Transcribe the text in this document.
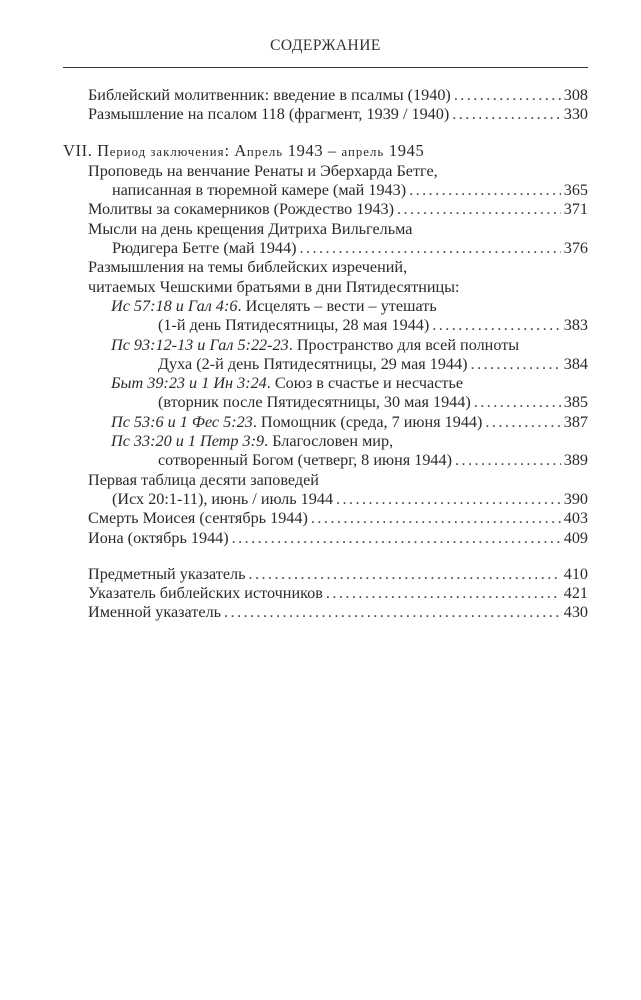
СОДЕРЖАНИЕ
Библейский молитвенник: введение в псалмы (1940) . . .	308
Размышление на псалом 118 (фрагмент, 1939 / 1940) . . .	330
VII. Период заключения: Апрель 1943 – апрель 1945
Проповедь на венчание Ренаты и Эберхарда Бетге,
написанная в тюремной камере (май 1943) . . .	365
Молитвы за сокамерников (Рождество 1943) . . .	371
Мысли на день крещения Дитриха Вильгельма
Рюдигера Бетге (май 1944) . . .	376
Размышления на темы библейских изречений,
читаемых Чешскими братьями в дни Пятидесятницы:
Ис 57:18 и Гал 4:6. Исцелять – вести – утешать
(1-й день Пятидесятницы, 28 мая 1944) . . .	383
Пс 93:12-13 и Гал 5:22-23. Пространство для всей полноты
Духа (2-й день Пятидесятницы, 29 мая 1944) . . .	384
Быт 39:23 и 1 Ин 3:24. Союз в счастье и несчастье
(вторник после Пятидесятницы, 30 мая 1944) . . .	385
Пс 53:6 и 1 Фес 5:23. Помощник (среда, 7 июня 1944) . . .	387
Пс 33:20 и 1 Петр 3:9. Благословен мир,
сотворенный Богом (четверг, 8 июня 1944) . . .	389
Первая таблица десяти заповедей
(Исх 20:1-11), июнь / июль 1944 . . .	390
Смерть Моисея (сентябрь 1944) . . .	403
Иона (октябрь 1944) . . .	409
Предметный указатель . . .	410
Указатель библейских источников . . .	421
Именной указатель . . .	430
